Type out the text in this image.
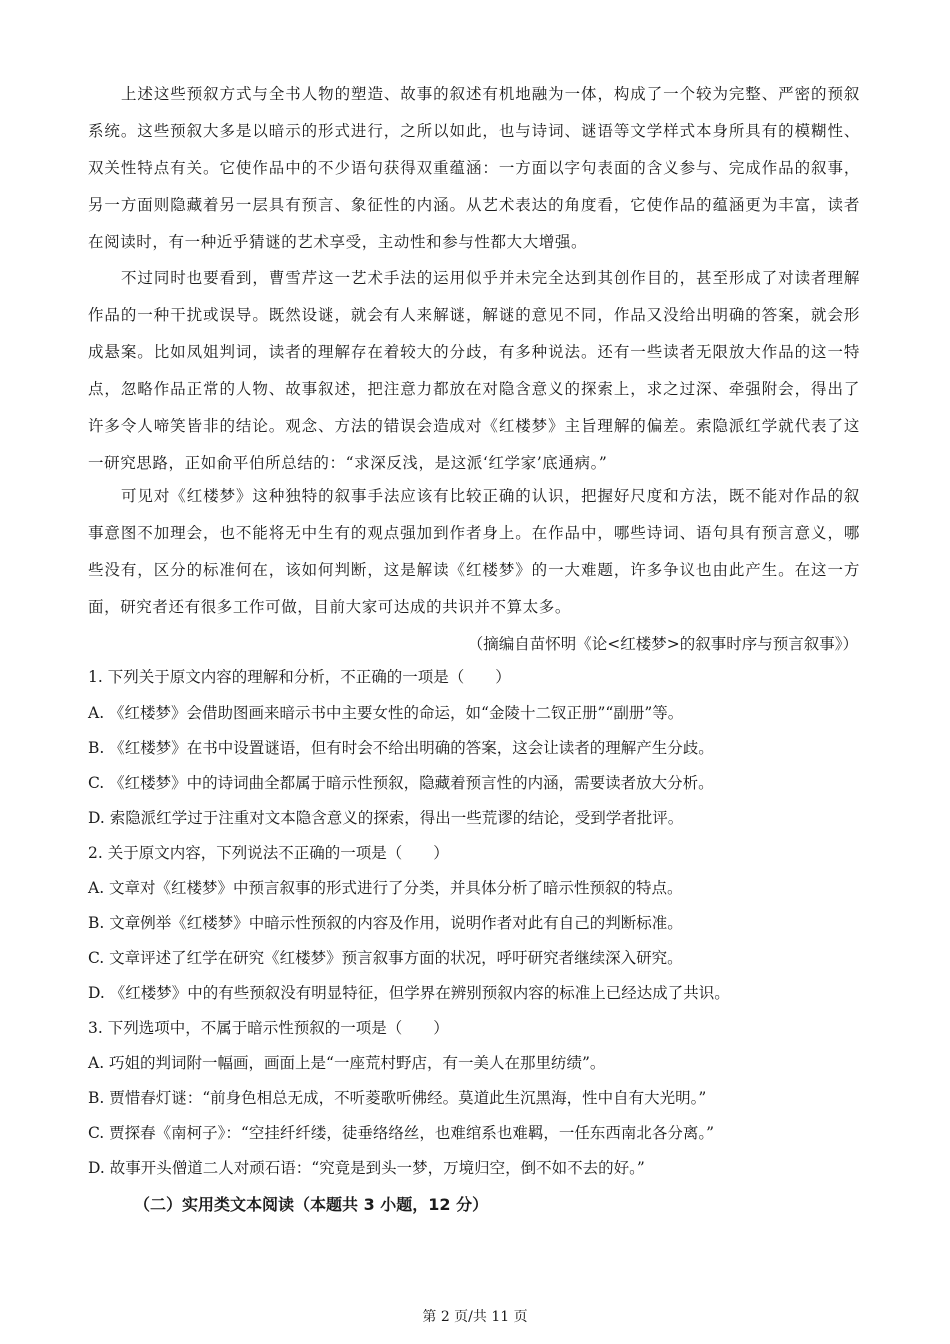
上述这些预叙方式与全书人物的塑造、故事的叙述有机地融为一体，构成了一个较为完整、严密的预叙系统。这些预叙大多是以暗示的形式进行，之所以如此，也与诗词、谜语等文学样式本身所具有的模糊性、双关性特点有关。它使作品中的不少语句获得双重蕴涵：一方面以字句表面的含义参与、完成作品的叙事，另一方面则隐藏着另一层具有预言、象征性的内涵。从艺术表达的角度看，它使作品的蕴涵更为丰富，读者在阅读时，有一种近乎猜谜的艺术享受，主动性和参与性都大大增强。

不过同时也要看到，曹雪芹这一艺术手法的运用似乎并未完全达到其创作目的，甚至形成了对读者理解作品的一种干扰或误导。既然设谜，就会有人来解谜，解谜的意见不同，作品又没给出明确的答案，就会形成悬案。比如凤姐判词，读者的理解存在着较大的分歧，有多种说法。还有一些读者无限放大作品的这一特点，忽略作品正常的人物、故事叙述，把注意力都放在对隐含意义的探索上，求之过深、牵强附会，得出了许多令人啼笑皆非的结论。观念、方法的错误会造成对《红楼梦》主旨理解的偏差。索隐派红学就代表了这一研究思路，正如俞平伯所总结的：“求深反浅，是这派‘红学家’底通病。”

可见对《红楼梦》这种独特的叙事手法应该有比较正确的认识，把握好尺度和方法，既不能对作品的叙事意图不加理会，也不能将无中生有的观点强加到作者身上。在作品中，哪些诗词、语句具有预言意义，哪些没有，区分的标准何在，该如何判断，这是解读《红楼梦》的一大难题，许多争议也由此产生。在这一方面，研究者还有很多工作可做，目前大家可达成的共识并不算太多。

（摘编自苗怀明《论<红楼梦>的叙事时序与预言叙事》）

1. 下列关于原文内容的理解和分析，不正确的一项是（　　）

A. 《红楼梦》会借助图画来暗示书中主要女性的命运，如“金陵十二钗正册”“副册”等。

B. 《红楼梦》在书中设置谜语，但有时会不给出明确的答案，这会让读者的理解产生分歧。

C. 《红楼梦》中的诗词曲全都属于暗示性预叙，隐藏着预言性的内涵，需要读者放大分析。

D. 索隐派红学过于注重对文本隐含意义的探索，得出一些荒谬的结论，受到学者批评。

2. 关于原文内容，下列说法不正确的一项是（　　）

A. 文章对《红楼梦》中预言叙事的形式进行了分类，并具体分析了暗示性预叙的特点。

B. 文章例举《红楼梦》中暗示性预叙的内容及作用，说明作者对此有自己的判断标准。

C. 文章评述了红学在研究《红楼梦》预言叙事方面的状况，呼吁研究者继续深入研究。

D. 《红楼梦》中的有些预叙没有明显特征，但学界在辨别预叙内容的标准上已经达成了共识。

3. 下列选项中，不属于暗示性预叙的一项是（　　）

A. 巧姐的判词附一幅画，画面上是“一座荒村野店，有一美人在那里纺绩”。

B. 贾惜春灯谜：“前身色相总无成，不听菱歌听佛经。莫道此生沉黑海，性中自有大光明。”

C. 贾探春《南柯子》：“空挂纤纤缕，徒垂络络丝，也难绾系也难羁，一任东西南北各分离。”

D. 故事开头僧道二人对顽石语：“究竟是到头一梦，万境归空，倒不如不去的好。”

（二）实用类文本阅读（本题共 3 小题，12 分）

第 2 页/共 11 页
